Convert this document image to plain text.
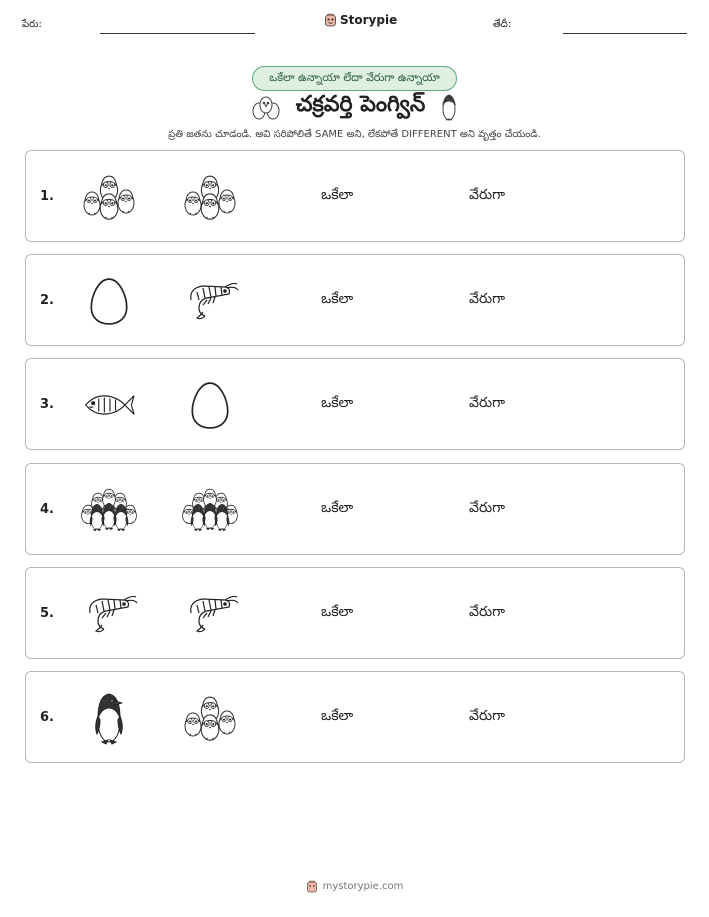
పేరు:	Storypie	తేదీ:
ఒకేలా ఉన్నాయా లేదా వేరుగా ఉన్నాయా
చక్రవర్తి పెంగ్విన్
ప్రతి జతను చూడండి. అవి సరిపోలితే SAME అని, లేకపోతే DIFFERENT అని వృత్తం చేయండి.
1.	ఒకేలా	వేరుగా
2.	ఒకేలా	వేరుగా
3.	ఒకేలా	వేరుగా
4.	ఒకేలా	వేరుగా
5.	ఒకేలా	వేరుగా
6.	ఒకేలా	వేరుగా
mystorypie.com
